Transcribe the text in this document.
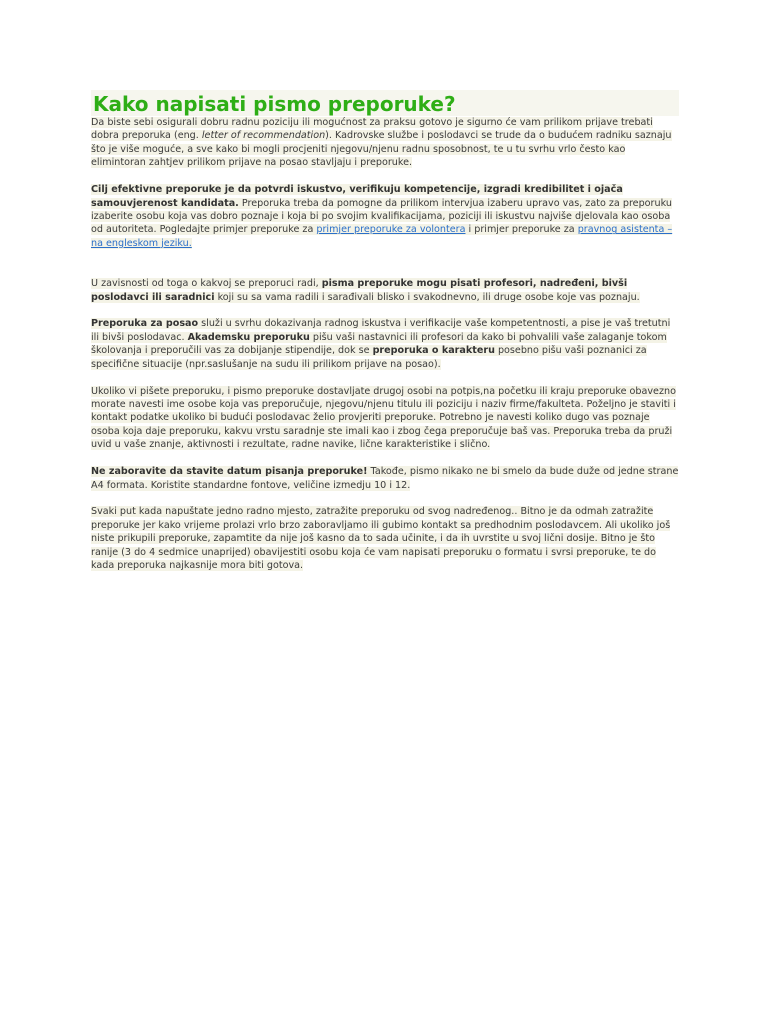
Kako napisati pismo preporuke?

Da biste sebi osigurali dobru radnu poziciju ili mogućnost za praksu gotovo je sigurno će vam prilikom prijave trebati dobra preporuka (eng. letter of recommendation). Kadrovske službe i poslodavci se trude da o budućem radniku saznaju što je više moguće, a sve kako bi mogli procjeniti njegovu/njenu radnu sposobnost, te u tu svrhu vrlo često kao elimintoran zahtjev prilikom prijave na posao stavljaju i preporuke.

Cilj efektivne preporuke je da potvrdi iskustvo, verifikuju kompetencije, izgradi kredibilitet i ojača samouvjerenost kandidata. Preporuka treba da pomogne da prilikom intervjua izaberu upravo vas, zato za preporuku izaberite osobu koja vas dobro poznaje i koja bi po svojim kvalifikacijama, poziciji ili iskustvu najviše djelovala kao osoba od autoriteta. Pogledajte primjer preporuke za primjer preporuke za volontera i primjer preporuke za pravnog asistenta – na engleskom jeziku.

U zavisnosti od toga o kakvoj se preporuci radi, pisma preporuke mogu pisati profesori, nadređeni, bivši poslodavci ili saradnici koji su sa vama radili i sarađivali blisko i svakodnevno, ili druge osobe koje vas poznaju.

Preporuka za posao služi u svrhu dokazivanja radnog iskustva i verifikacije vaše kompetentnosti, a pise je vaš tretutni ili bivši poslodavac. Akademsku preporuku pišu vaši nastavnici ili profesori da kako bi pohvalili vaše zalaganje tokom školovanja i preporučili vas za dobijanje stipendije, dok se preporuka o karakteru posebno pišu vaši poznanici za specifične situacije (npr.saslušanje na sudu ili prilikom prijave na posao).

Ukoliko vi pišete preporuku, i pismo preporuke dostavljate drugoj osobi na potpis,na početku ili kraju preporuke obavezno morate navesti ime osobe koja vas preporučuje, njegovu/njenu titulu ili poziciju i naziv firme/fakulteta. Poželjno je staviti i kontakt podatke ukoliko bi budući poslodavac želio provjeriti preporuke. Potrebno je navesti koliko dugo vas poznaje osoba koja daje preporuku, kakvu vrstu saradnje ste imali kao i zbog čega preporučuje baš vas. Preporuka treba da pruži uvid u vaše znanje, aktivnosti i rezultate, radne navike, lične karakteristike i slično.

Ne zaboravite da stavite datum pisanja preporuke! Takođe, pismo nikako ne bi smelo da bude duže od jedne strane A4 formata. Koristite standardne fontove, veličine izmedju 10 i 12.

Svaki put kada napuštate jedno radno mjesto, zatražite preporuku od svog nadređenog.. Bitno je da odmah zatražite preporuke jer kako vrijeme prolazi vrlo brzo zaboravljamo ili gubimo kontakt sa predhodnim poslodavcem. Ali ukoliko još niste prikupili preporuke, zapamtite da nije još kasno da to sada učinite, i da ih uvrstite u svoj lični dosije. Bitno je što ranije (3 do 4 sedmice unaprijed) obavijestiti osobu koja će vam napisati preporuku o formatu i svrsi preporuke, te do kada preporuka najkasnije mora biti gotova.
